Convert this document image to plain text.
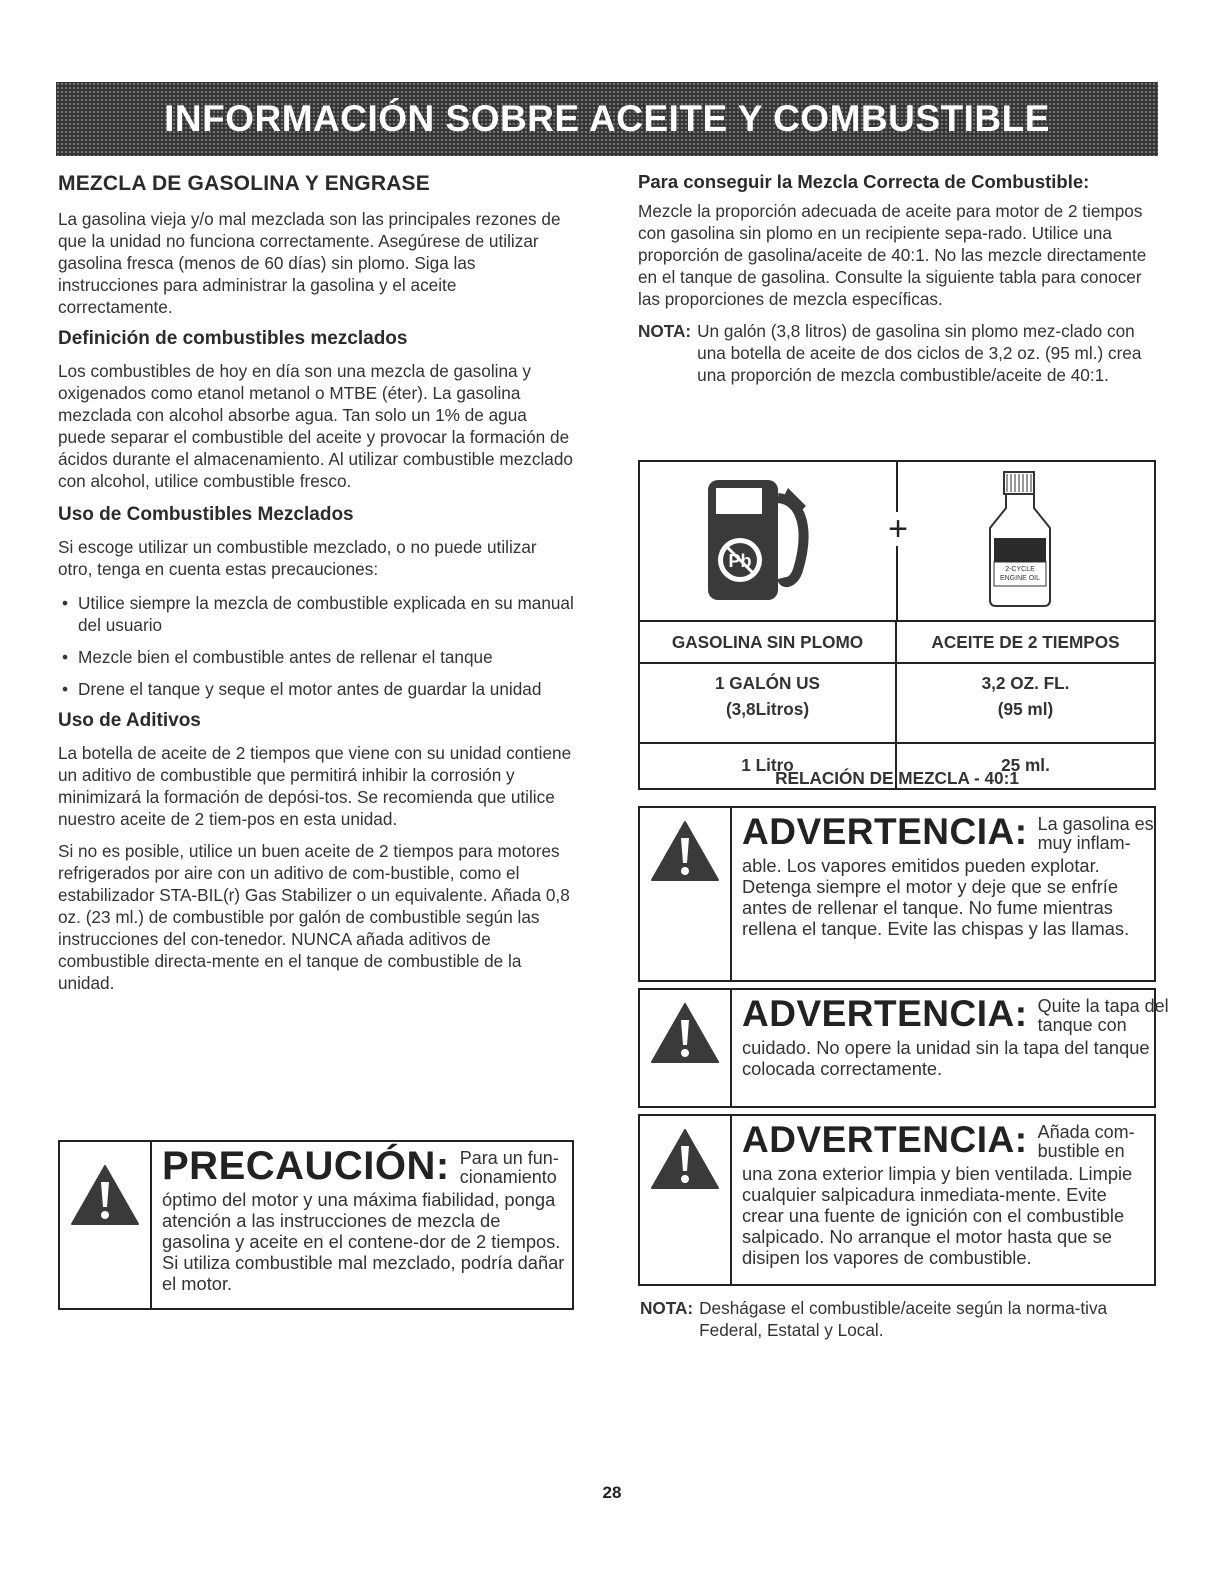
INFORMACIÓN SOBRE ACEITE Y COMBUSTIBLE
MEZCLA DE GASOLINA Y ENGRASE

La gasolina vieja y/o mal mezclada son las principales rezones de que la unidad no funciona correctamente. Asegúrese de utilizar gasolina fresca (menos de 60 días) sin plomo. Siga las instrucciones para administrar la gasolina y el aceite correctamente.

Definición de combustibles mezclados

Los combustibles de hoy en día son una mezcla de gasolina y oxigenados como etanol metanol o MTBE (éter). La gasolina mezclada con alcohol absorbe agua. Tan solo un 1% de agua puede separar el combustible del aceite y provocar la formación de ácidos durante el almacenamiento. Al utilizar combustible mezclado con alcohol, utilice combustible fresco.

Uso de Combustibles Mezclados

Si escoge utilizar un combustible mezclado, o no puede utilizar otro, tenga en cuenta estas precauciones:

• Utilice siempre la mezcla de combustible explicada en su manual del usuario
• Mezcle bien el combustible antes de rellenar el tanque
• Drene el tanque y seque el motor antes de guardar la unidad
Uso de Aditivos

La botella de aceite de 2 tiempos que viene con su unidad contiene un aditivo de combustible que permitirá inhibir la corrosión y minimizará la formación de depósi-tos. Se recomienda que utilice nuestro aceite de 2 tiem-pos en esta unidad.

Si no es posible, utilice un buen aceite de 2 tiempos para motores refrigerados por aire con un aditivo de com-bustible, como el estabilizador STA-BIL(r) Gas Stabilizer o un equivalente. Añada 0,8 oz. (23 ml.) de combustible por galón de combustible según las instrucciones del con-tenedor. NUNCA añada aditivos de combustible directa-mente en el tanque de combustible de la unidad.

PRECAUCIÓN: Para un fun- cionamiento
óptimo del motor y una máxima fiabilidad, ponga atención a las instrucciones de mezcla de gasolina y aceite en el contene-dor de 2 tiempos. Si utiliza combustible mal mezclado, podría dañar el motor.
Para conseguir la Mezcla Correcta de Combustible:

Mezcle la proporción adecuada de aceite para motor de 2 tiempos con gasolina sin plomo en un recipiente sepa-rado. Utilice una proporción de gasolina/aceite de 40:1. No las mezcle directamente en el tanque de gasolina. Consulte la siguiente tabla para conocer las proporciones de mezcla específicas.

NOTA: Un galón (3,8 litros) de gasolina sin plomo mez-clado con una botella de aceite de dos ciclos de 3,2 oz. (95 ml.) crea una proporción de mezcla combustible/aceite de 40:1.
Pb
+
2-CYCLE
ENGINE OIL
GASOLINA SIN PLOMO	ACEITE DE 2 TIEMPOS
1 GALÓN US
(3,8Litros)
3,2 OZ. FL.
(95 ml)
1 Litro	25 ml.
RELACIÓN DE MEZCLA - 40:1
ADVERTENCIA: La gasolina es muy inflam-
able. Los vapores emitidos pueden explotar. Detenga siempre el motor y deje que se enfríe antes de rellenar el tanque. No fume mientras rellena el tanque. Evite las chispas y las llamas.
ADVERTENCIA: Quite la tapa del tanque con
cuidado. No opere la unidad sin la tapa del tanque colocada correctamente.
ADVERTENCIA: Añada com- bustible en
una zona exterior limpia y bien ventilada. Limpie cualquier salpicadura inmediata-mente. Evite crear una fuente de ignición con el combustible salpicado. No arranque el motor hasta que se disipen los vapores de combustible.
NOTA: Deshágase el combustible/aceite según la norma-tiva Federal, Estatal y Local.
28
